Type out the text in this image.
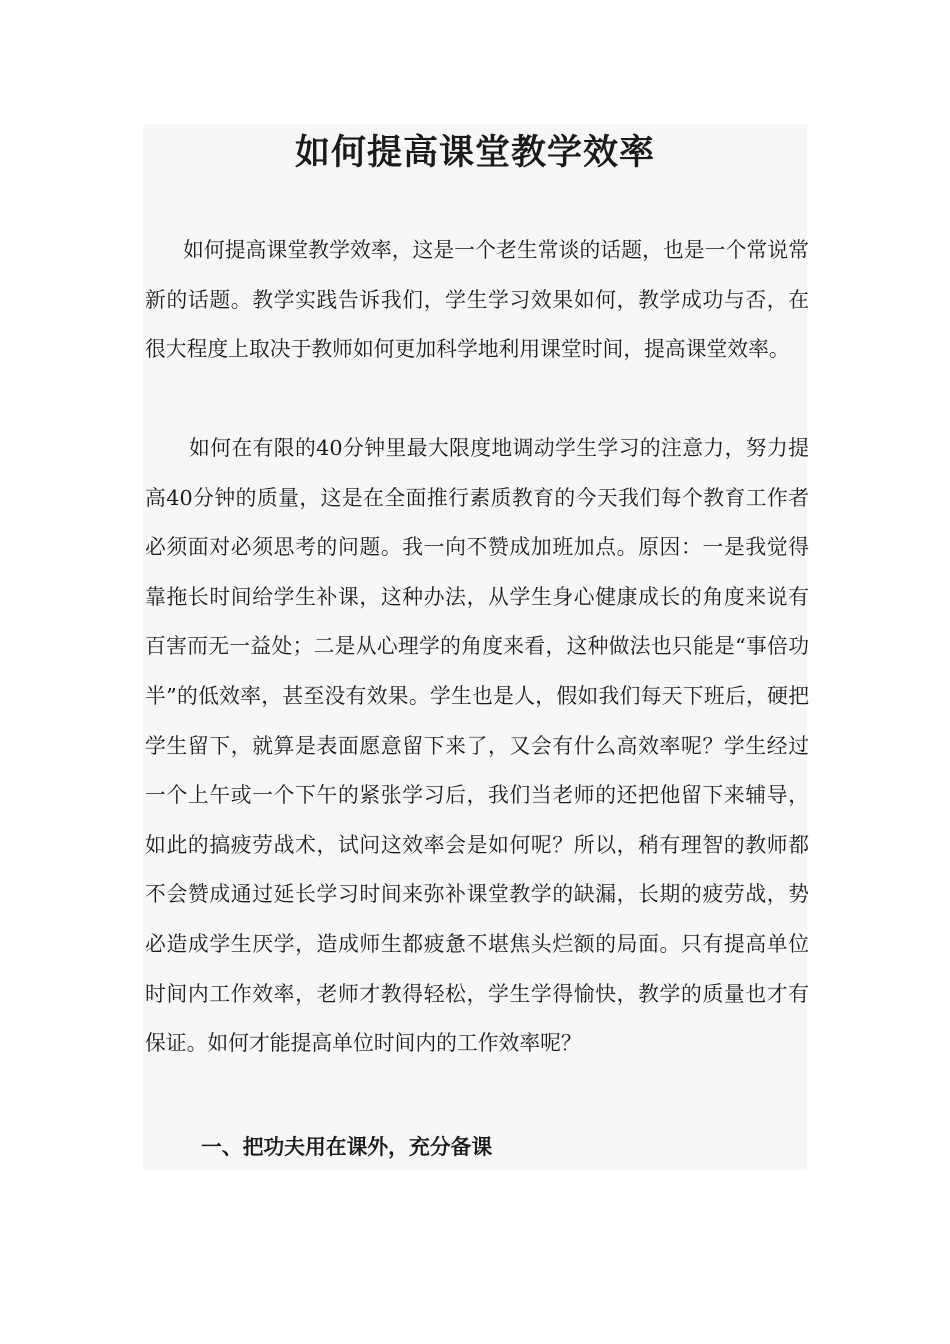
如何提高课堂教学效率

如何提高课堂教学效率，这是一个老生常谈的话题，也是一个常说常新的话题。教学实践告诉我们，学生学习效果如何，教学成功与否，在很大程度上取决于教师如何更加科学地利用课堂时间，提高课堂效率。

如何在有限的40分钟里最大限度地调动学生学习的注意力，努力提高40分钟的质量，这是在全面推行素质教育的今天我们每个教育工作者必须面对必须思考的问题。我一向不赞成加班加点。原因：一是我觉得靠拖长时间给学生补课，这种办法，从学生身心健康成长的角度来说有百害而无一益处；二是从心理学的角度来看，这种做法也只能是“事倍功半”的低效率，甚至没有效果。学生也是人，假如我们每天下班后，硬把学生留下，就算是表面愿意留下来了，又会有什么高效率呢？学生经过一个上午或一个下午的紧张学习后，我们当老师的还把他留下来辅导，如此的搞疲劳战术，试问这效率会是如何呢？所以，稍有理智的教师都不会赞成通过延长学习时间来弥补课堂教学的缺漏，长期的疲劳战，势必造成学生厌学，造成师生都疲惫不堪焦头烂额的局面。只有提高单位时间内工作效率，老师才教得轻松，学生学得愉快，教学的质量也才有保证。如何才能提高单位时间内的工作效率呢？

一、把功夫用在课外，充分备课
